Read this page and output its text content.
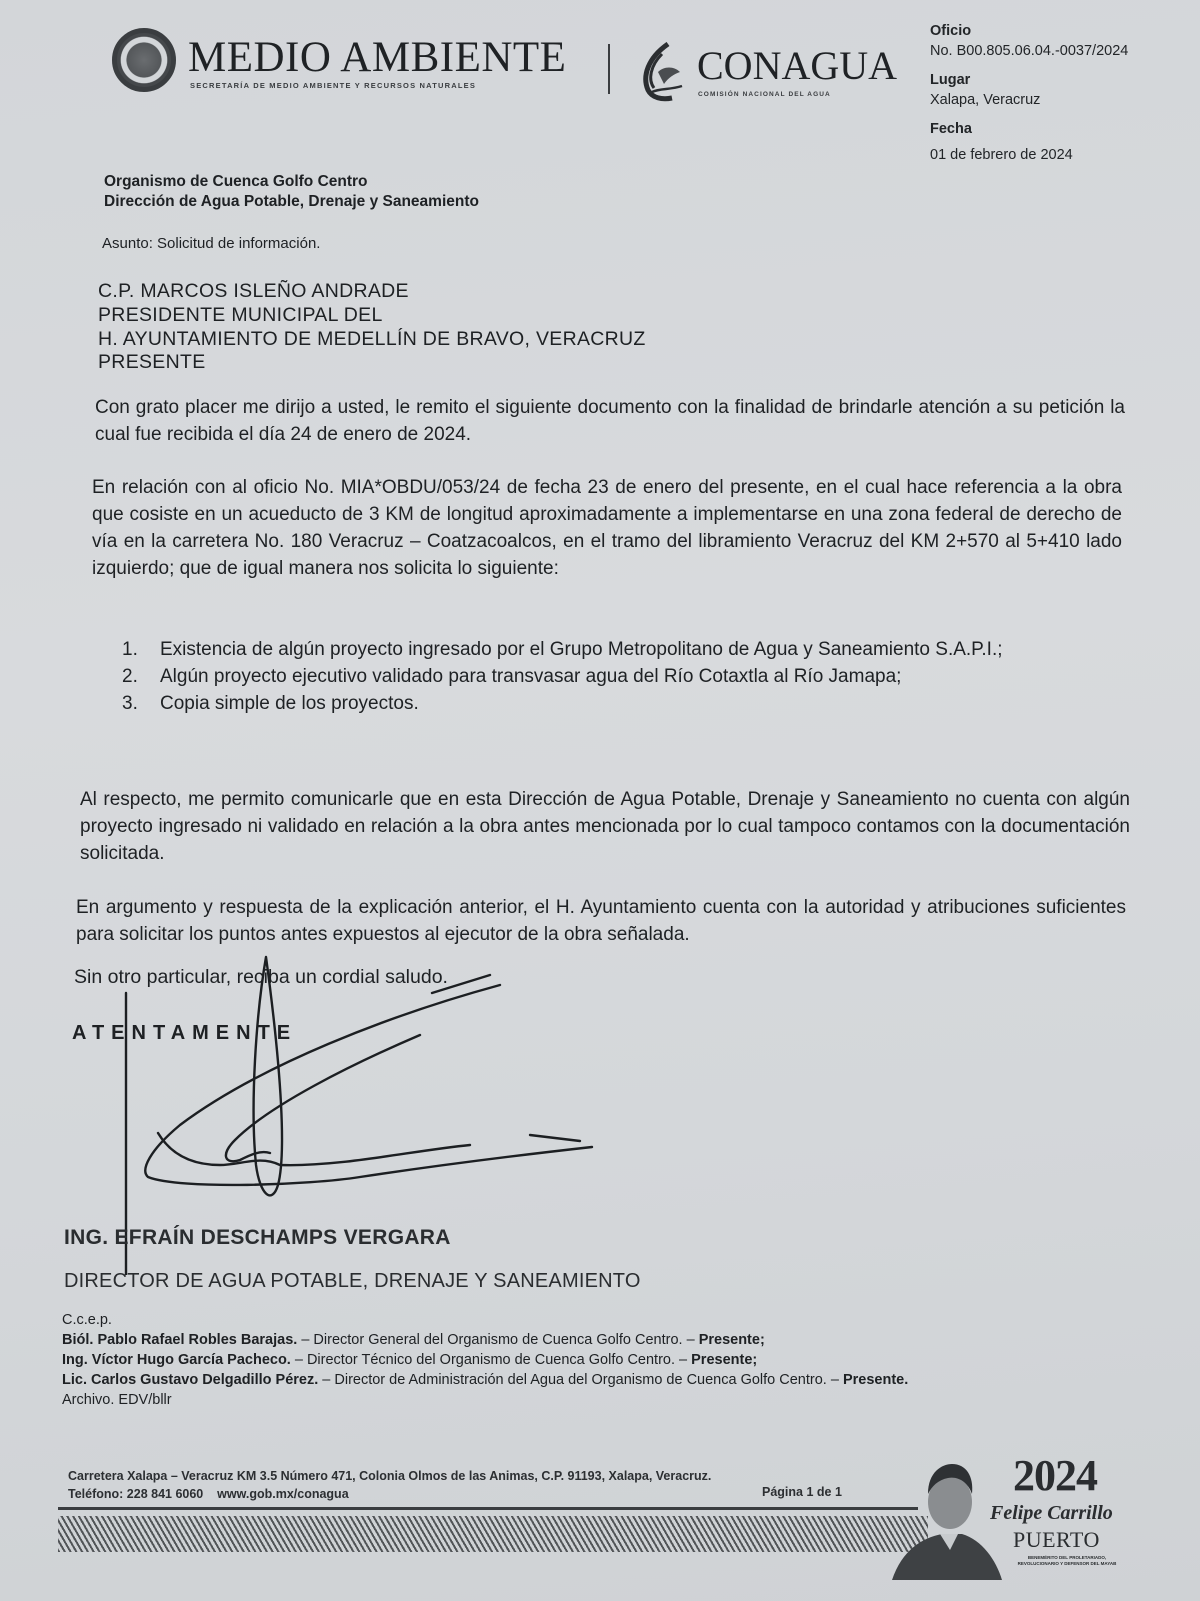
MEDIO AMBIENTE
SECRETARÍA DE MEDIO AMBIENTE Y RECURSOS NATURALES	CONAGUA
COMISIÓN NACIONAL DEL AGUA
Oficio
No. B00.805.06.04.-0037/2024
Lugar
Xalapa, Veracruz
Fecha
01 de febrero de 2024
Organismo de Cuenca Golfo Centro
Dirección de Agua Potable, Drenaje y Saneamiento
Asunto: Solicitud de información.
C.P. MARCOS ISLEÑO ANDRADE
PRESIDENTE MUNICIPAL DEL
H. AYUNTAMIENTO DE MEDELLÍN DE BRAVO, VERACRUZ
PRESENTE
Con grato placer me dirijo a usted, le remito el siguiente documento con la finalidad de brindarle atención a su petición la cual fue recibida el día 24 de enero de 2024.
En relación con al oficio No. MIA*OBDU/053/24 de fecha 23 de enero del presente, en el cual hace referencia a la obra que cosiste en un acueducto de 3 KM de longitud aproximadamente a implementarse en una zona federal de derecho de vía en la carretera No. 180 Veracruz – Coatzacoalcos, en el tramo del libramiento Veracruz del KM 2+570 al 5+410 lado izquierdo; que de igual manera nos solicita lo siguiente:
1.	Existencia de algún proyecto ingresado por el Grupo Metropolitano de Agua y Saneamiento S.A.P.I.;
2.	Algún proyecto ejecutivo validado para transvasar agua del Río Cotaxtla al Río Jamapa;
3.	Copia simple de los proyectos.
Al respecto, me permito comunicarle que en esta Dirección de Agua Potable, Drenaje y Saneamiento no cuenta con algún proyecto ingresado ni validado en relación a la obra antes mencionada por lo cual tampoco contamos con la documentación solicitada.
En argumento y respuesta de la explicación anterior, el H. Ayuntamiento cuenta con la autoridad y atribuciones suficientes para solicitar los puntos antes expuestos al ejecutor de la obra señalada.
Sin otro particular, reciba un cordial saludo.
ATENTAMENTE
ING. EFRAÍN DESCHAMPS VERGARA
DIRECTOR DE AGUA POTABLE, DRENAJE Y SANEAMIENTO
C.c.e.p.
Biól. Pablo Rafael Robles Barajas. – Director General del Organismo de Cuenca Golfo Centro. – Presente;
Ing. Víctor Hugo García Pacheco. – Director Técnico del Organismo de Cuenca Golfo Centro. – Presente;
Lic. Carlos Gustavo Delgadillo Pérez. – Director de Administración del Agua del Organismo de Cuenca Golfo Centro. – Presente.
Archivo. EDV/bllr
Carretera Xalapa – Veracruz KM 3.5 Número 471, Colonia Olmos de las Animas, C.P. 91193, Xalapa, Veracruz.
Teléfono: 228 841 6060    www.gob.mx/conagua	Página 1 de 1	2024
Felipe Carrillo
PUERTO
BENEMÉRITO DEL PROLETARIADO, REVOLUCIONARIO Y DEFENSOR DEL MAYAB
